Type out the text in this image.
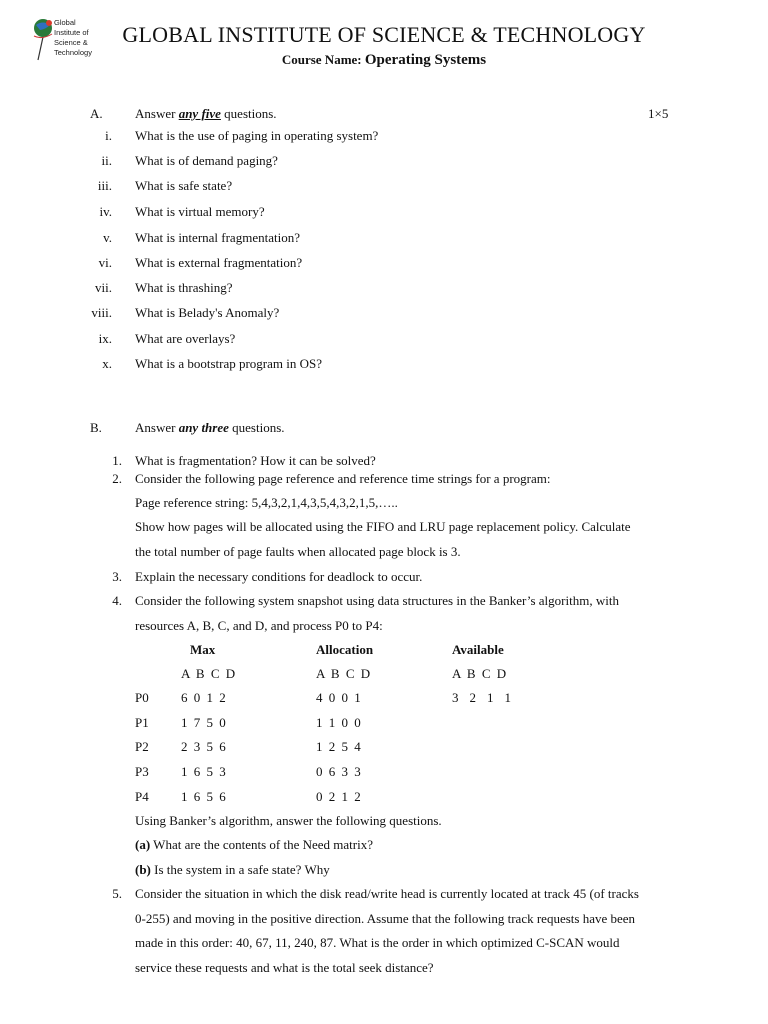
Global
Institute of
Science &
Technology
GLOBAL INSTITUTE OF SCIENCE & TECHNOLOGY
Course Name: Operating Systems
A. Answer any five questions.	1×5
i. What is the use of paging in operating system?
ii. What is of demand paging?
iii. What is safe state?
iv. What is virtual memory?
v. What is internal fragmentation?
vi. What is external fragmentation?
vii. What is thrashing?
viii. What is Belady's Anomaly?
ix. What are overlays?
x. What is a bootstrap program in OS?
B.	Answer any three questions.
1. What is fragmentation? How it can be solved?
2. Consider the following page reference and reference time strings for a program:
Page reference string: 5,4,3,2,1,4,3,5,4,3,2,1,5,…..
Show how pages will be allocated using the FIFO and LRU page replacement policy. Calculate
the total number of page faults when allocated page block is 3.
3. Explain the necessary conditions for deadlock to occur.
4. Consider the following system snapshot using data structures in the Banker’s algorithm, with
resources A, B, C, and D, and process P0 to P4:
Max	Allocation	Available
A B C D	A B C D	A B C D
P0 6 0 1 2	4 0 0 1	3  2  1  1
P1 1 7 5 0	1 1 0 0
P2 2 3 5 6	1 2 5 4
P3 1 6 5 3	0 6 3 3
P4 1 6 5 6	0 2 1 2
Using Banker’s algorithm, answer the following questions.
(a) What are the contents of the Need matrix?
(b) Is the system in a safe state? Why
5. Consider the situation in which the disk read/write head is currently located at track 45 (of tracks
0-255) and moving in the positive direction. Assume that the following track requests have been
made in this order: 40, 67, 11, 240, 87. What is the order in which optimized C-SCAN would
service these requests and what is the total seek distance?
